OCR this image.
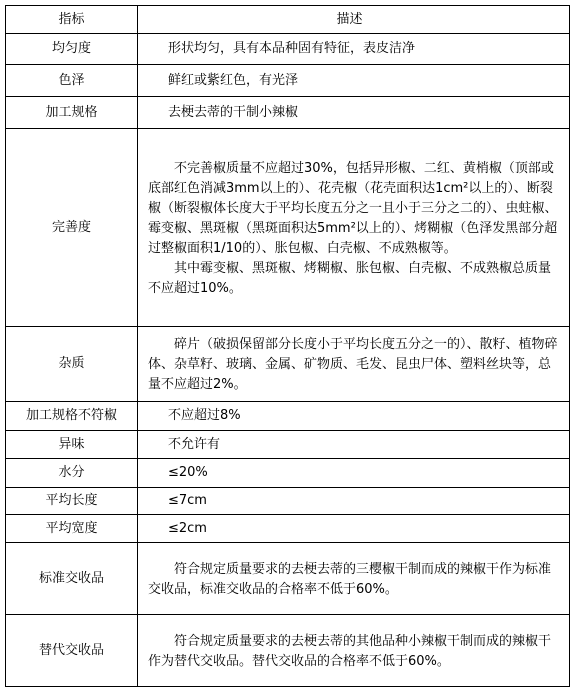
指标	描述
均匀度	形状均匀，具有本品种固有特征，表皮洁净
色泽	鲜红或紫红色，有光泽
加工规格	去梗去蒂的干制小辣椒
完善度	不完善椒质量不应超过30%，包括异形椒、二红、黄梢椒（顶部或底部红色消减3mm以上的）、花壳椒（花壳面积达1cm²以上的）、断裂椒（断裂椒体长度大于平均长度五分之一且小于三分之二的）、虫蛀椒、霉变椒、黑斑椒（黑斑面积达5mm²以上的）、烤糊椒（色泽发黑部分超过整椒面积1/10的）、胀包椒、白壳椒、不成熟椒等。
其中霉变椒、黑斑椒、烤糊椒、胀包椒、白壳椒、不成熟椒总质量不应超过10%。

杂质	碎片（破损保留部分长度小于平均长度五分之一的）、散籽、植物碎体、杂草籽、玻璃、金属、矿物质、毛发、昆虫尸体、塑料丝块等，总量不应超过2%。

加工规格不符椒	不应超过8%
异味	不允许有
水分	≤20%
平均长度	≤7cm
平均宽度	≤2cm
标准交收品	符合规定质量要求的去梗去蒂的三樱椒干制而成的辣椒干作为标准交收品，标准交收品的合格率不低于60%。

替代交收品	符合规定质量要求的去梗去蒂的其他品种小辣椒干制而成的辣椒干作为替代交收品。替代交收品的合格率不低于60%。
